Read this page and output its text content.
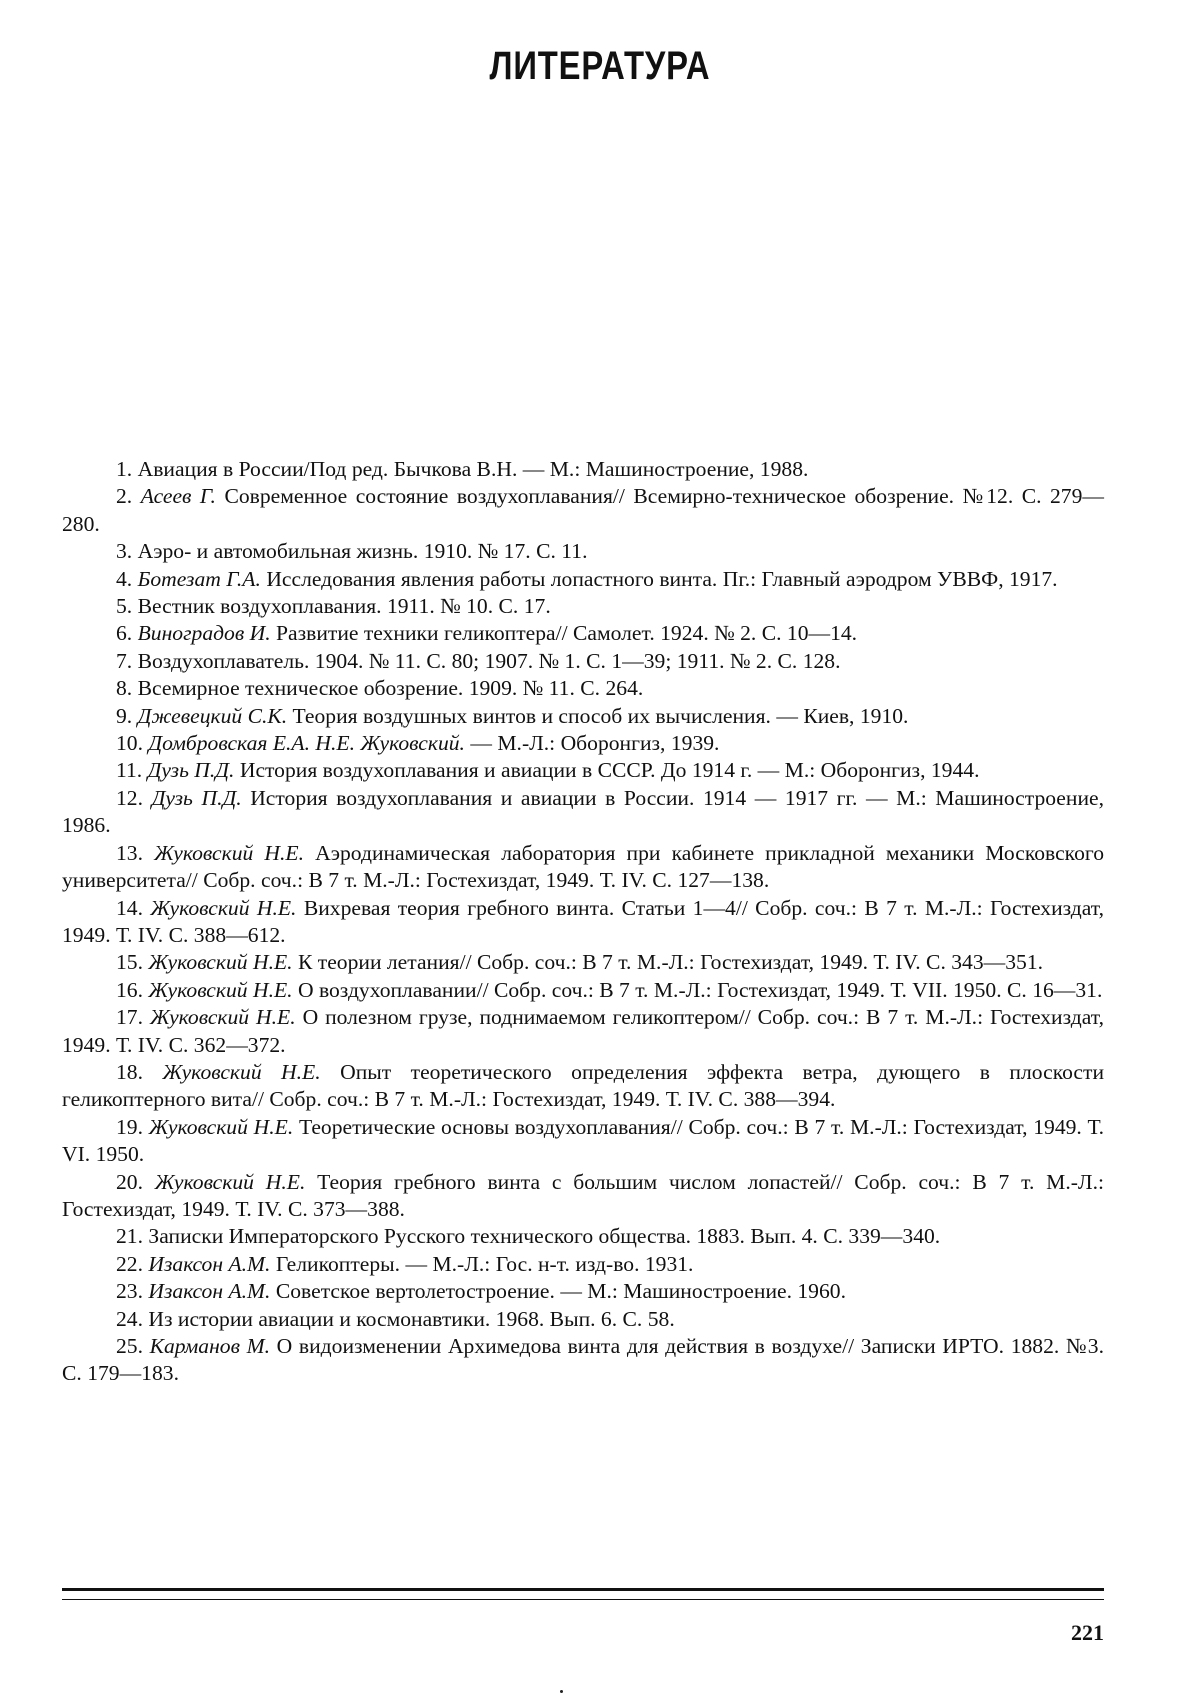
ЛИТЕРАТУРА

1. Авиация в России/Под ред. Бычкова В.Н. — М.: Машиностроение, 1988.

2. Асеев Г. Современное состояние воздухоплавания// Всемирно-техническое обозрение. №12. С. 279—280.

3. Аэро- и автомобильная жизнь. 1910. № 17. С. 11.

4. Ботезат Г.А. Исследования явления работы лопастного винта. Пг.: Главный аэродром УВВФ, 1917.

5. Вестник воздухоплавания. 1911. № 10. С. 17.

6. Виноградов И. Развитие техники геликоптера// Самолет. 1924. № 2. С. 10—14.

7. Воздухоплаватель. 1904. № 11. С. 80; 1907. № 1. С. 1—39; 1911. № 2. С. 128.

8. Всемирное техническое обозрение. 1909. № 11. С. 264.

9. Джевецкий С.К. Теория воздушных винтов и способ их вычисления. — Киев, 1910.

10. Домбровская Е.А. Н.Е. Жуковский. — М.-Л.: Оборонгиз, 1939.

11. Дузь П.Д. История воздухоплавания и авиации в СССР. До 1914 г. — М.: Оборонгиз, 1944.

12. Дузь П.Д. История воздухоплавания и авиации в России. 1914 — 1917 гг. — М.: Машиностроение, 1986.

13. Жуковский Н.Е. Аэродинамическая лаборатория при кабинете прикладной механики Московского университета// Собр. соч.: В 7 т. М.-Л.: Гостехиздат, 1949. Т. IV. С. 127—138.

14. Жуковский Н.Е. Вихревая теория гребного винта. Статьи 1—4// Собр. соч.: В 7 т. М.-Л.: Гостехиздат, 1949. Т. IV. С. 388—612.

15. Жуковский Н.Е. К теории летания// Собр. соч.: В 7 т. М.-Л.: Гостехиздат, 1949. Т. IV. С. 343—351.

16. Жуковский Н.Е. О воздухоплавании// Собр. соч.: В 7 т. М.-Л.: Гостехиздат, 1949. Т. VII. 1950. С. 16—31.

17. Жуковский Н.Е. О полезном грузе, поднимаемом геликоптером// Собр. соч.: В 7 т. М.-Л.: Гостехиздат, 1949. Т. IV. С. 362—372.

18. Жуковский Н.Е. Опыт теоретического определения эффекта ветра, дующего в плоскости геликоптерного вита// Собр. соч.: В 7 т. М.-Л.: Гостехиздат, 1949. Т. IV. С. 388—394.

19. Жуковский Н.Е. Теоретические основы воздухоплавания// Собр. соч.: В 7 т. М.-Л.: Гостехиздат, 1949. Т. VI. 1950.

20. Жуковский Н.Е. Теория гребного винта с большим числом лопастей// Собр. соч.: В 7 т. М.-Л.: Гостехиздат, 1949. Т. IV. С. 373—388.

21. Записки Императорского Русского технического общества. 1883. Вып. 4. С. 339—340.

22. Изаксон А.М. Геликоптеры. — М.-Л.: Гос. н-т. изд-во. 1931.

23. Изаксон А.М. Советское вертолетостроение. — М.: Машиностроение. 1960.

24. Из истории авиации и космонавтики. 1968. Вып. 6. С. 58.

25. Карманов М. О видоизменении Архимедова винта для действия в воздухе// Записки ИРТО. 1882. №3. С. 179—183.

221
